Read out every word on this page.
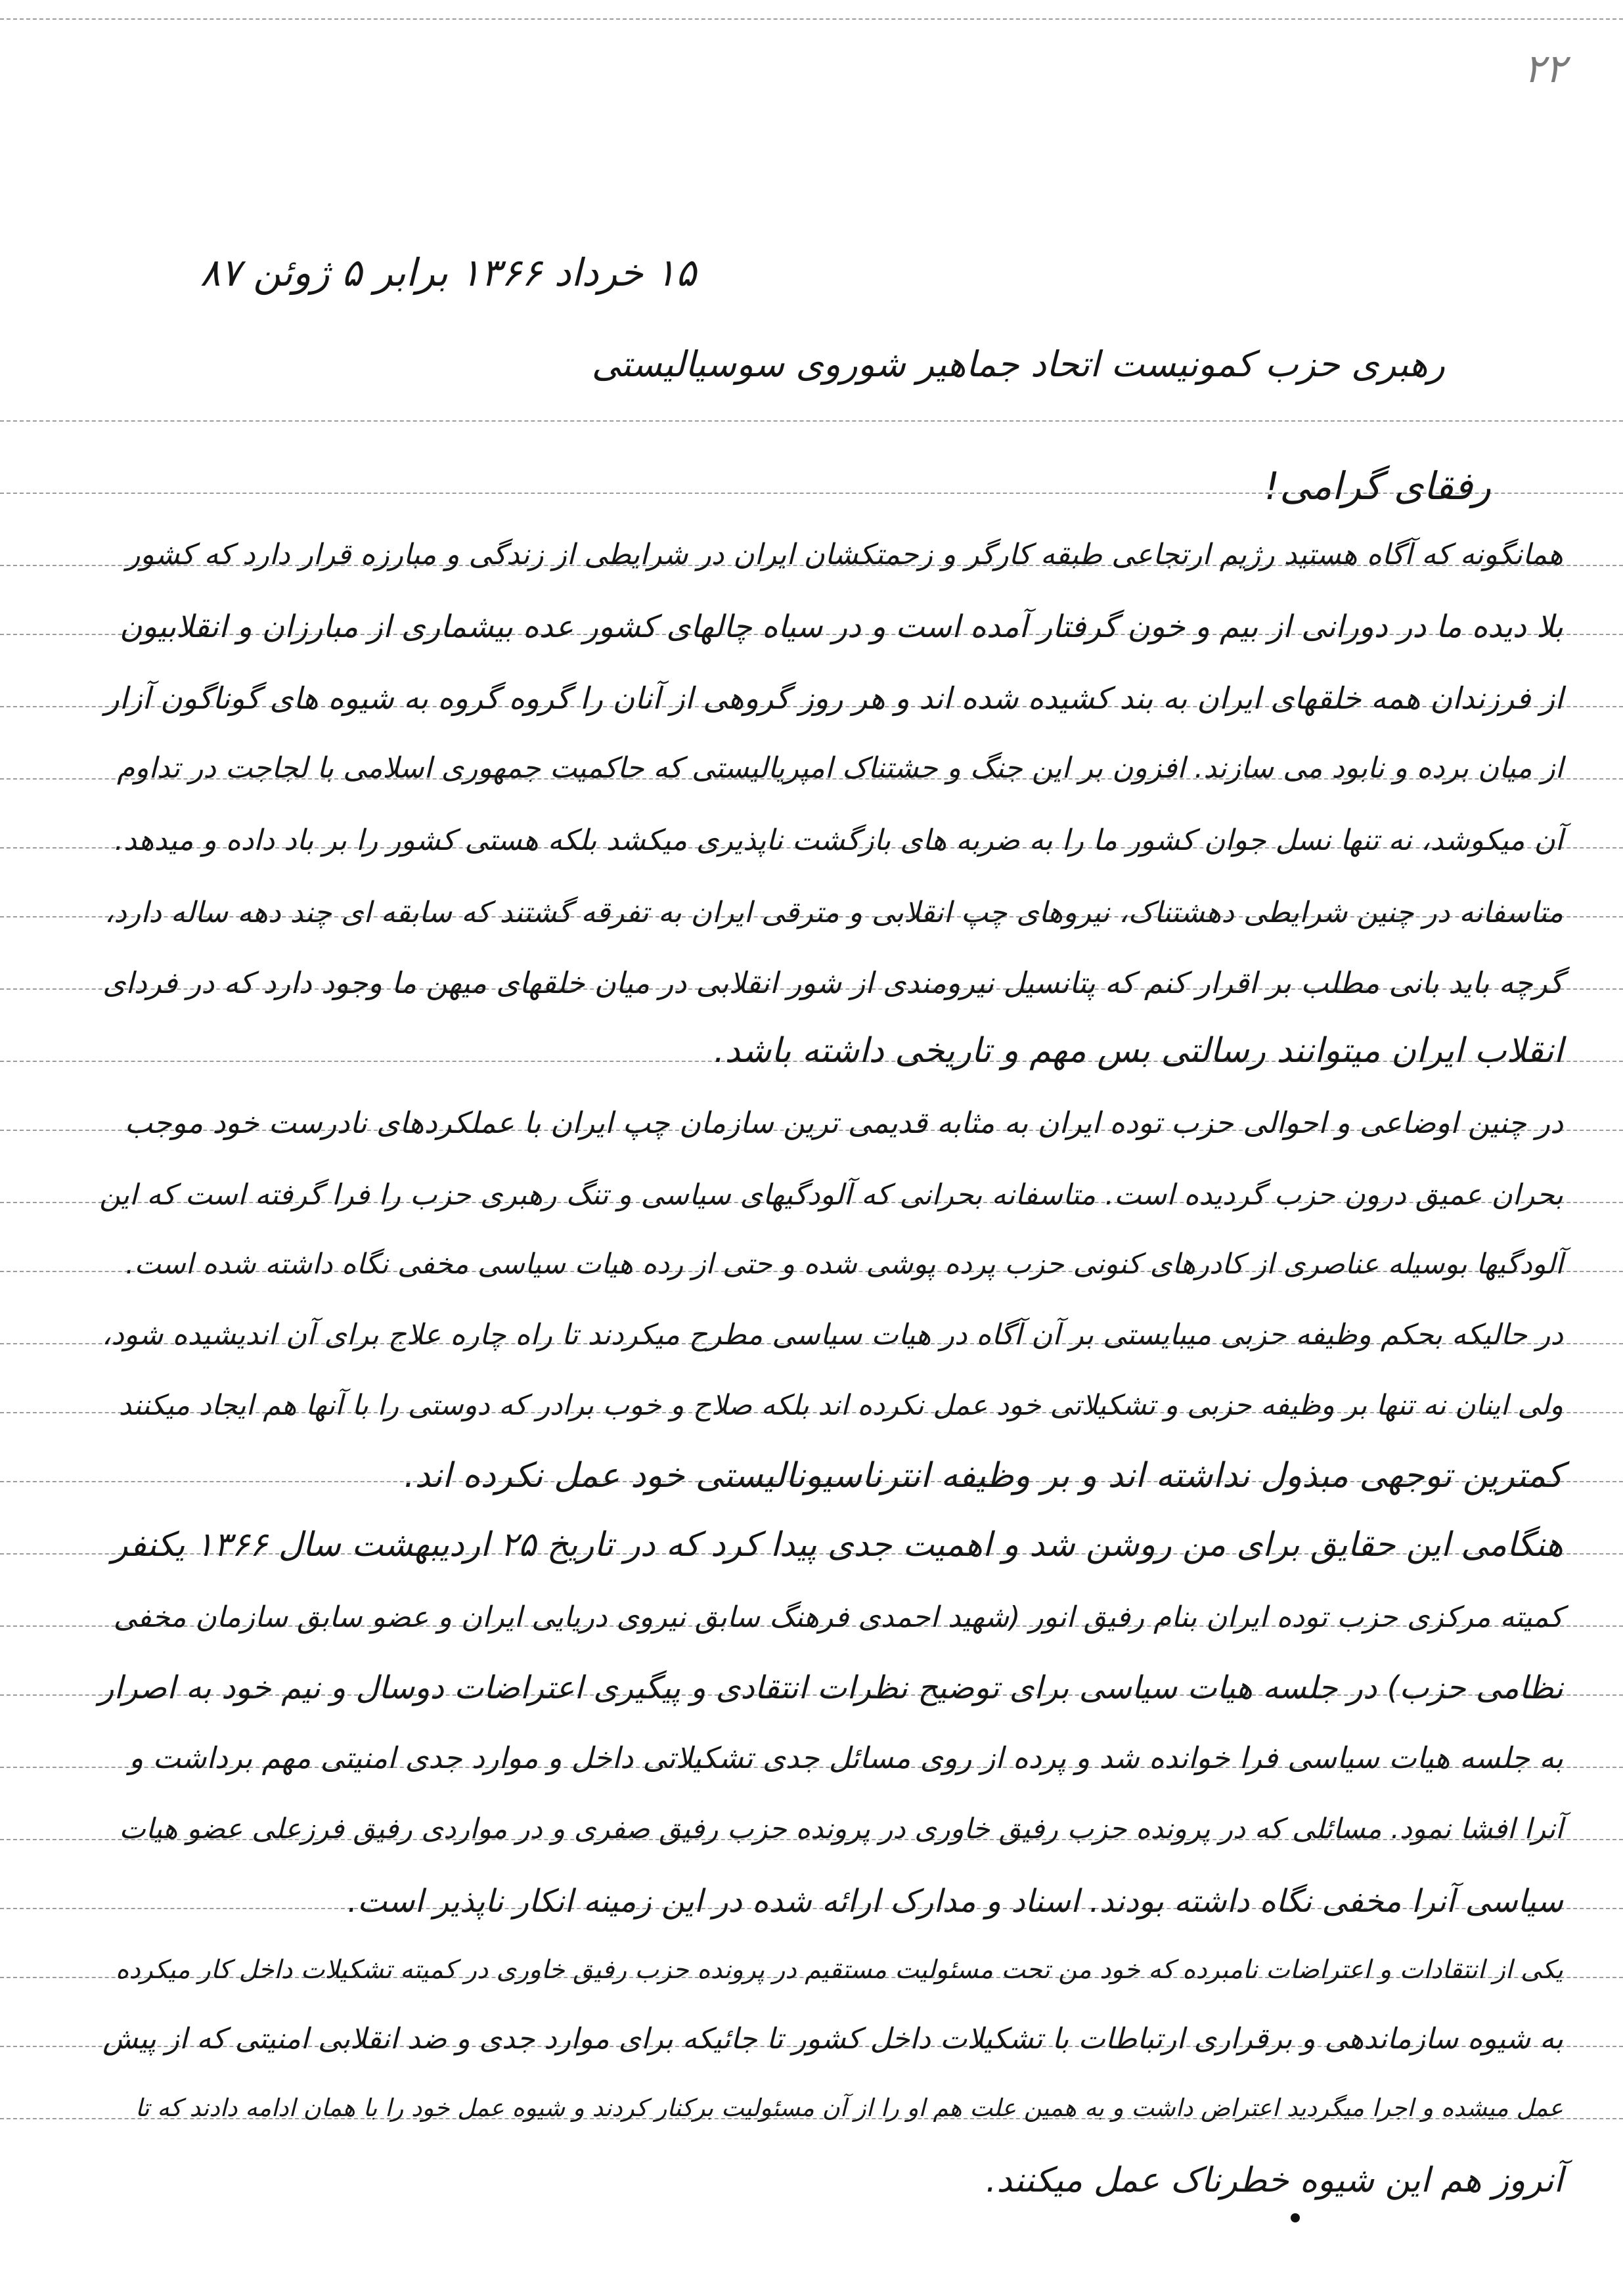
۲۲
۱۵ خرداد ۱۳۶۶ برابر ۵ ژوئن ۸۷
رهبری حزب کمونیست اتحاد جماهیر شوروی سوسیالیستی
رفقای گرامی!
همانگونه که آگاه هستید رژیم ارتجاعی طبقه کارگر و زحمتکشان ایران در شرایطی از زندگی و مبارزه قرار دارد که کشور
بلا دیده ما در دورانی از بیم و خون گرفتار آمده است و در سیاه چالهای کشور عده بیشماری از مبارزان و انقلابیون
از فرزندان همه خلقهای ایران به بند کشیده شده اند و هر روز گروهی از آنان را گروه گروه به شیوه های گوناگون آزار
از میان برده و نابود می سازند. افزون بر این جنگ و حشتناک امپریالیستی که حاکمیت جمهوری اسلامی با لجاجت در تداوم
آن میکوشد، نه تنها نسل جوان کشور ما را به ضربه های بازگشت ناپذیری میکشد بلکه هستی کشور را بر باد داده و میدهد.
متاسفانه در چنین شرایطی دهشتناک، نیروهای چپ انقلابی و مترقی ایران به تفرقه گشتند که سابقه ای چند دهه ساله دارد،
گرچه باید بانی مطلب بر اقرار کنم که پتانسیل نیرومندی از شور انقلابی در میان خلقهای میهن ما وجود دارد که در فردای
انقلاب ایران میتوانند رسالتی بس مهم و تاریخی داشته باشد.
در چنین اوضاعی و احوالی حزب توده ایران به مثابه قدیمی ترین سازمان چپ ایران با عملکردهای نادرست خود موجب
بحران عمیق درون حزب گردیده است. متاسفانه بحرانی که آلودگیهای سیاسی و تنگ رهبری حزب را فرا گرفته است که این
آلودگیها بوسیله عناصری از کادرهای کنونی حزب پرده پوشی شده و حتی از رده هیات سیاسی مخفی نگاه داشته شده است.
در حالیکه بحکم وظیفه حزبی میبایستی بر آن آگاه در هیات سیاسی مطرح میکردند تا راه چاره علاج برای آن اندیشیده شود،
ولی اینان نه تنها بر وظیفه حزبی و تشکیلاتی خود عمل نکرده اند بلکه صلاح و خوب برادر که دوستی را با آنها هم ایجاد میکنند
کمترین توجهی مبذول نداشته اند و بر وظیفه انترناسیونالیستی خود عمل نکرده اند.
هنگامی این حقایق برای من روشن شد و اهمیت جدی پیدا کرد که در تاریخ ۲۵ اردیبهشت سال ۱۳۶۶ یکنفر
کمیته مرکزی حزب توده ایران بنام رفیق انور (شهید احمدی فرهنگ سابق نیروی دریایی ایران و عضو سابق سازمان مخفی
نظامی حزب) در جلسه هیات سیاسی برای توضیح نظرات انتقادی و پیگیری اعتراضات دوسال و نیم خود به اصرار
به جلسه هیات سیاسی فرا خوانده شد و پرده از روی مسائل جدی تشکیلاتی داخل و موارد جدی امنیتی مهم برداشت و
آنرا افشا نمود. مسائلی که در پرونده حزب رفیق خاوری در پرونده حزب رفیق صفری و در مواردی رفیق فرزعلی عضو هیات
سیاسی آنرا مخفی نگاه داشته بودند. اسناد و مدارک ارائه شده در این زمینه انکار ناپذیر است.
یکی از انتقادات و اعتراضات نامبرده که خود من تحت مسئولیت مستقیم در پرونده حزب رفیق خاوری در کمیته تشکیلات داخل کار میکرده
به شیوه سازماندهی و برقراری ارتباطات با تشکیلات داخل کشور تا جائیکه برای موارد جدی و ضد انقلابی امنیتی که از پیش
عمل میشده و اجرا میگردید اعتراض داشت و به همین علت هم او را از آن مسئولیت برکنار کردند و شیوه عمل خود را با همان ادامه دادند که تا
آنروز هم این شیوه خطرناک عمل میکنند.
